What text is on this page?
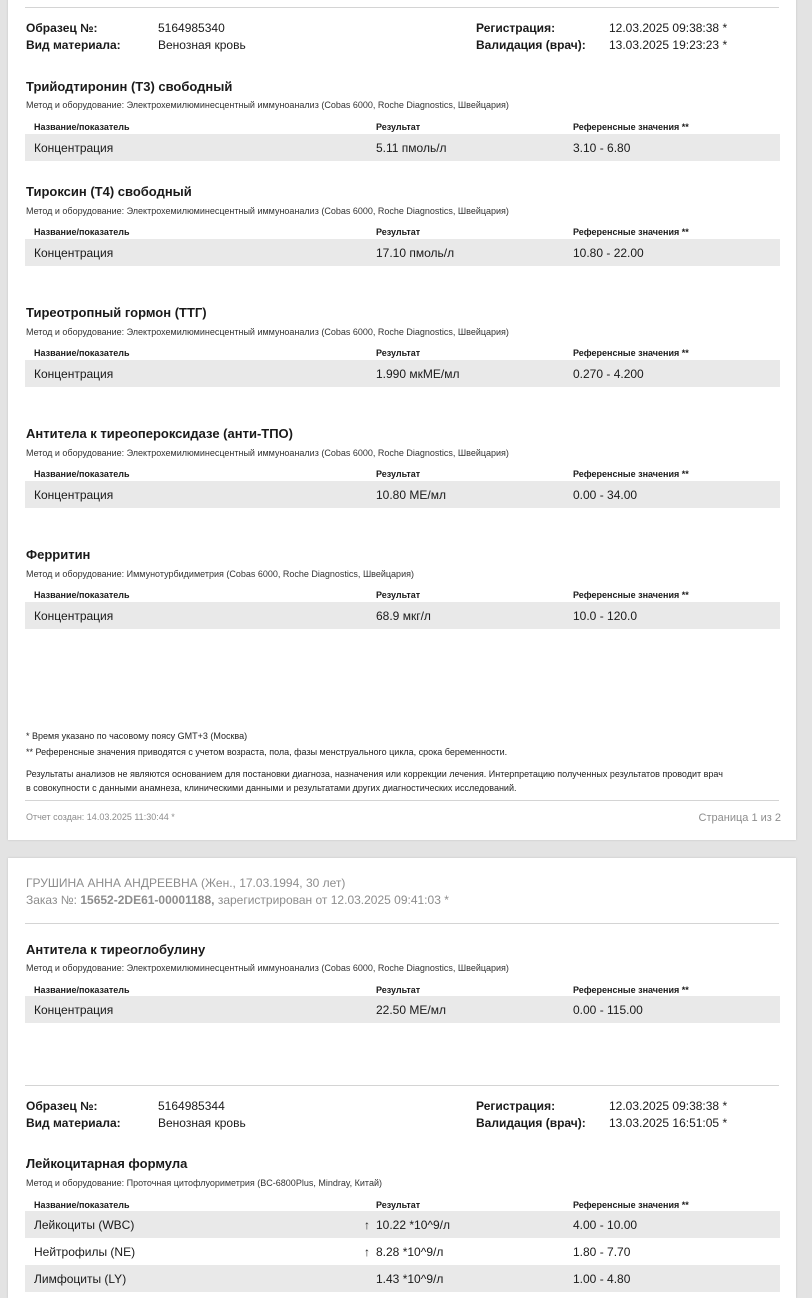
Образец №:	5164985340
Вид материала:	Венозная кровь
Регистрация:	12.03.2025 09:38:38 *
Валидация (врач): 13.03.2025 19:23:23 *
Трийодтиронин (Т3) свободный
Метод и оборудование: Электрохемилюминесцентный иммуноанализ (Cobas 6000, Roche Diagnostics, Швейцария)
Название/показатель	Результат	Референсные значения **
Концентрация	5.11 пмоль/л	3.10 - 6.80
Тироксин (Т4) свободный
Метод и оборудование: Электрохемилюминесцентный иммуноанализ (Cobas 6000, Roche Diagnostics, Швейцария)
Название/показатель	Результат	Референсные значения **
Концентрация	17.10 пмоль/л	10.80 - 22.00
Тиреотропный гормон (ТТГ)
Метод и оборудование: Электрохемилюминесцентный иммуноанализ (Cobas 6000, Roche Diagnostics, Швейцария)
Название/показатель	Результат	Референсные значения **
Концентрация	1.990 мкМЕ/мл	0.270 - 4.200
Антитела к тиреопероксидазе (анти-ТПО)
Метод и оборудование: Электрохемилюминесцентный иммуноанализ (Cobas 6000, Roche Diagnostics, Швейцария)
Название/показатель	Результат	Референсные значения **
Концентрация	10.80 МЕ/мл	0.00 - 34.00
Ферритин
Метод и оборудование: Иммунотурбидиметрия (Cobas 6000, Roche Diagnostics, Швейцария)
Название/показатель	Результат	Референсные значения **
Концентрация	68.9 мкг/л	10.0 - 120.0
* Время указано по часовому поясу GMT+3 (Москва)
** Референсные значения приводятся с учетом возраста, пола, фазы менструального цикла, срока беременности.
Результаты анализов не являются основанием для постановки диагноза, назначения или коррекции лечения. Интерпретацию полученных результатов проводит врач
в совокупности с данными анамнеза, клиническими данными и результатами других диагностических исследований.
Отчет создан: 14.03.2025 11:30:44 *	Страница 1 из 2
ГРУШИНА АННА АНДРЕЕВНА (Жен., 17.03.1994, 30 лет)
Заказ №: 15652-2DE61-00001188, зарегистрирован от 12.03.2025 09:41:03 *
Антитела к тиреоглобулину
Метод и оборудование: Электрохемилюминесцентный иммуноанализ (Cobas 6000, Roche Diagnostics, Швейцария)
Название/показатель	Результат	Референсные значения **
Концентрация	22.50 МЕ/мл	0.00 - 115.00
Образец №:	5164985344
Вид материала:	Венозная кровь
Регистрация:	12.03.2025 09:38:38 *
Валидация (врач): 13.03.2025 16:51:05 *
Лейкоцитарная формула
Метод и оборудование: Проточная цитофлуориметрия (BC-6800Plus, Mindray, Китай)
Название/показатель	Результат	Референсные значения **
Лейкоциты (WBC)	↑ 10.22 *10^9/л	4.00 - 10.00
Нейтрофилы (NE)	↑ 8.28 *10^9/л	1.80 - 7.70
Лимфоциты (LY)	1.43 *10^9/л	1.00 - 4.80
